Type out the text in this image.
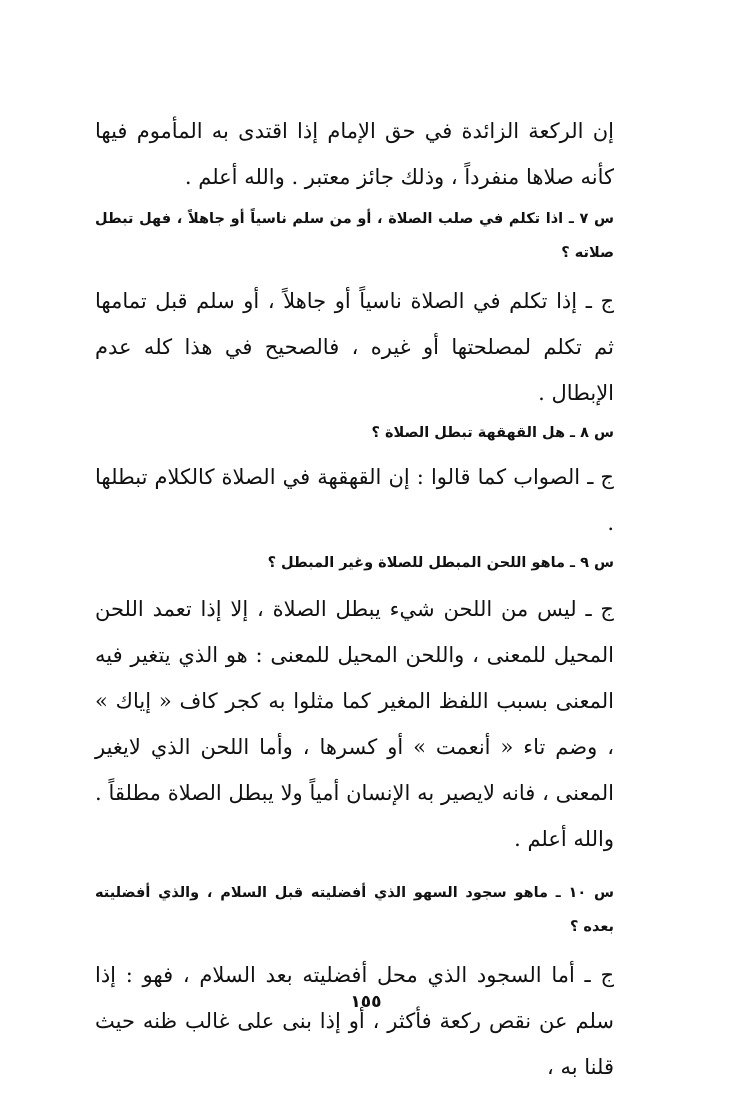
إن الركعة الزائدة في حق الإمام إذا اقتدى به المأموم فيها كأنه صلاها منفرداً ، وذلك جائز معتبر . والله أعلم .

س ٧ ـ اذا تكلم في صلب الصلاة ، أو من سلم ناسياً أو جاهلاً ، فهل تبطل صلاته ؟

ج ـ إذا تكلم في الصلاة ناسياً أو جاهلاً ، أو سلم قبل تمامها ثم تكلم لمصلحتها أو غيره ، فالصحيح في هذا كله عدم الإبطال .

س ٨ ـ هل القهقهة تبطل الصلاة ؟

ج ـ الصواب كما قالوا : إن القهقهة في الصلاة كالكلام تبطلها .

س ٩ ـ ماهو اللحن المبطل للصلاة وغير المبطل ؟

ج ـ ليس من اللحن شيء يبطل الصلاة ، إلا إذا تعمد اللحن المحيل للمعنى ، واللحن المحيل للمعنى : هو الذي يتغير فيه المعنى بسبب اللفظ المغير كما مثلوا به كجر كاف « إياك » ، وضم تاء « أنعمت » أو كسرها ، وأما اللحن الذي لايغير المعنى ، فانه لايصير به الإنسان أمياً ولا يبطل الصلاة مطلقاً . والله أعلم .

س ١٠ ـ ماهو سجود السهو الذي أفضليته قبل السلام ، والذي أفضليته بعده ؟

ج ـ أما السجود الذي محل أفضليته بعد السلام ، فهو : إذا سلم عن نقص ركعة فأكثر ، أو إذا بنى على غالب ظنه حيث قلنا به ،

١٥٥
